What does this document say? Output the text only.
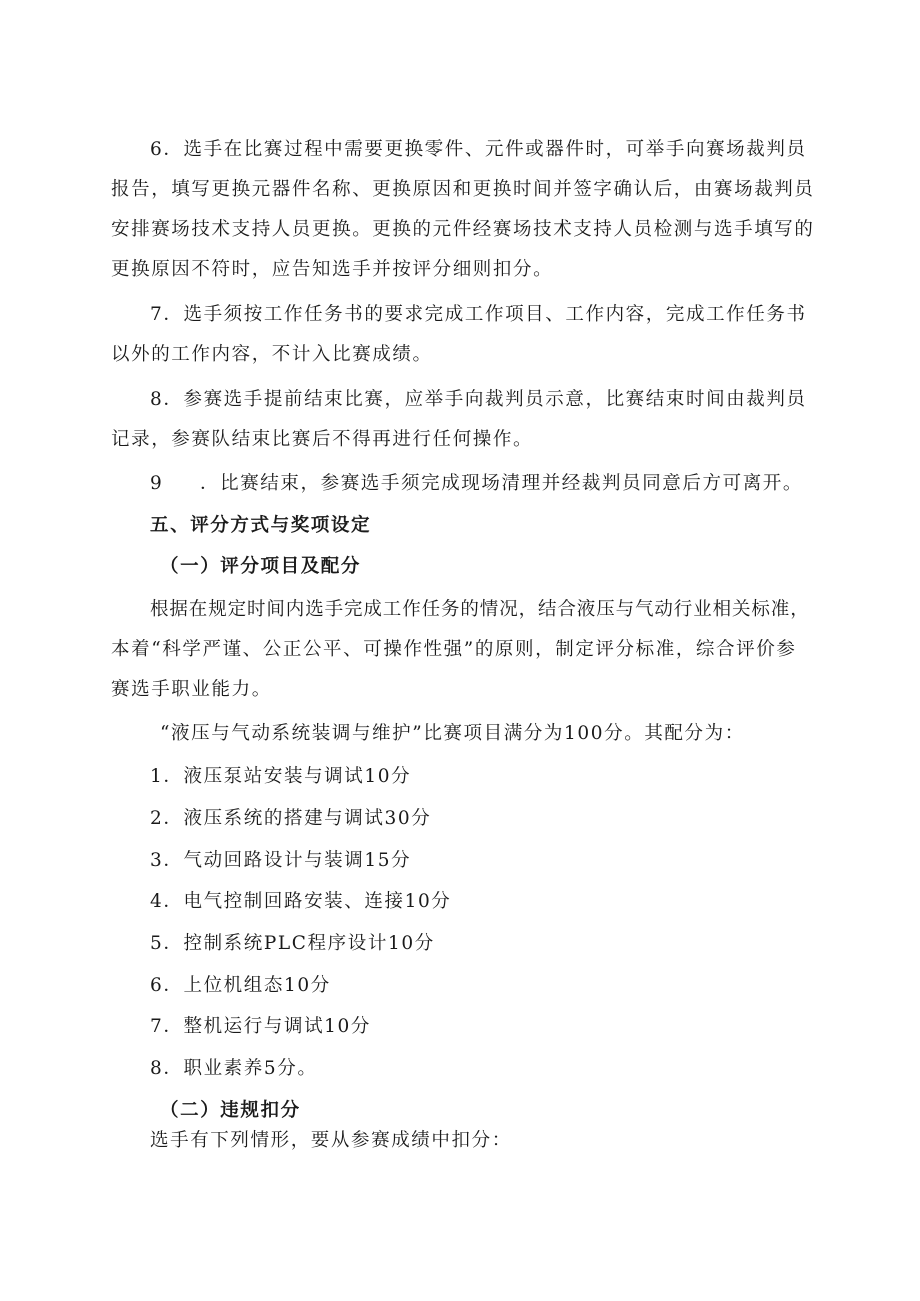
6．选手在比赛过程中需要更换零件、元件或器件时，可举手向赛场裁判员
报告，填写更换元器件名称、更换原因和更换时间并签字确认后，由赛场裁判员
安排赛场技术支持人员更换。更换的元件经赛场技术支持人员检测与选手填写的
更换原因不符时，应告知选手并按评分细则扣分。
7．选手须按工作任务书的要求完成工作项目、工作内容，完成工作任务书
以外的工作内容，不计入比赛成绩。
8．参赛选手提前结束比赛，应举手向裁判员示意，比赛结束时间由裁判员
记录，参赛队结束比赛后不得再进行任何操作。
9 ．比赛结束，参赛选手须完成现场清理并经裁判员同意后方可离开。
五、评分方式与奖项设定
（一）评分项目及配分
根据在规定时间内选手完成工作任务的情况，结合液压与气动行业相关标准，
本着“科学严谨、公正公平、可操作性强”的原则，制定评分标准，综合评价参
赛选手职业能力。
“液压与气动系统装调与维护”比赛项目满分为100分。其配分为：
1．液压泵站安装与调试10分
2．液压系统的搭建与调试30分
3．气动回路设计与装调15分
4．电气控制回路安装、连接10分
5．控制系统PLC程序设计10分
6．上位机组态10分
7．整机运行与调试10分
8．职业素养5分。
（二）违规扣分
选手有下列情形，要从参赛成绩中扣分：
